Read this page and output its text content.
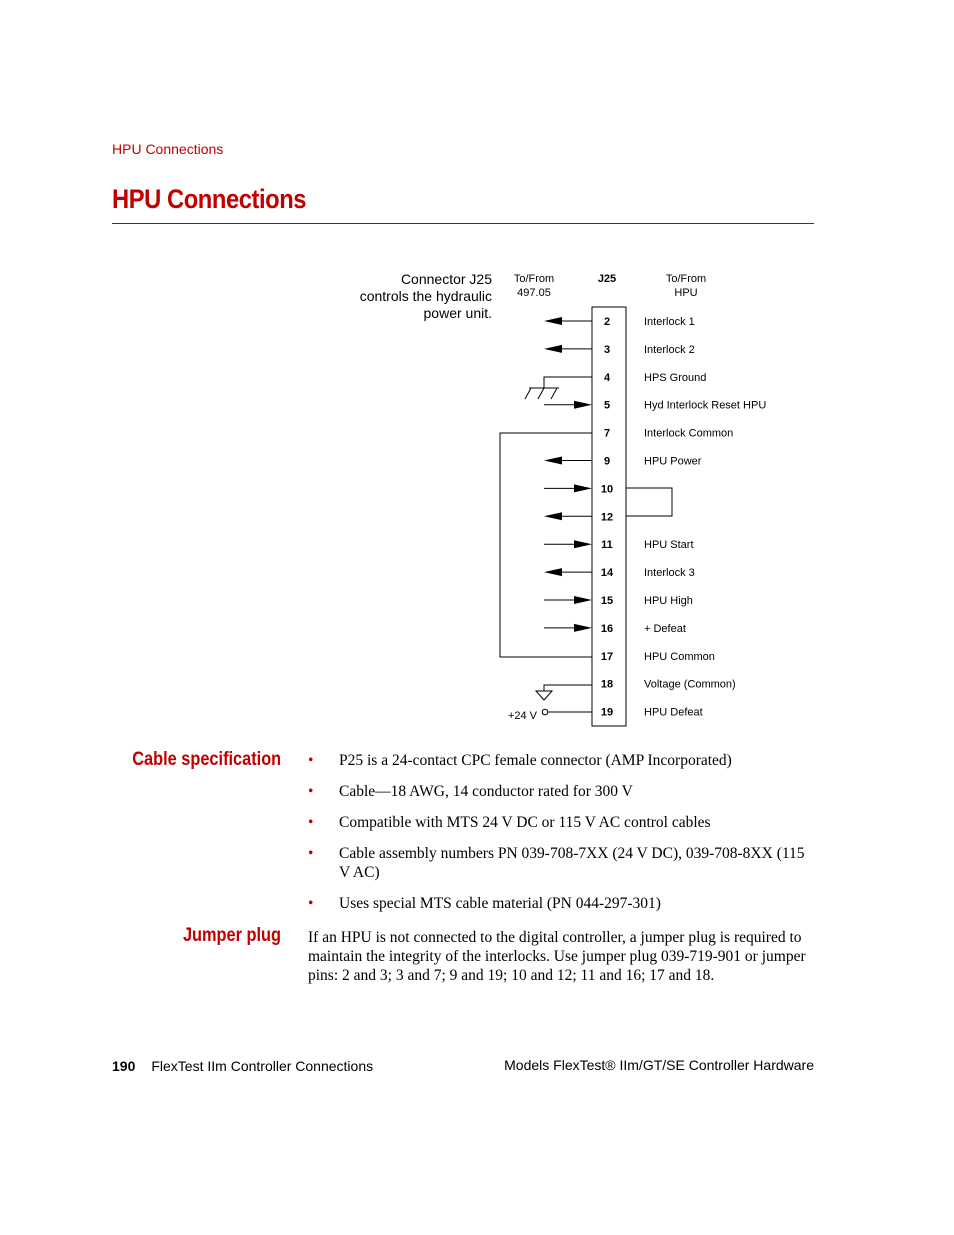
HPU Connections
HPU Connections
Connector J25
controls the hydraulic
power unit.
To/From
497.05
J25	To/From
HPU
2	Interlock 1
3	Interlock 2
4	HPS Ground
5	Hyd Interlock Reset HPU
7	Interlock Common
9	HPU Power
10
12
11	HPU Start
14	Interlock 3
15	HPU High
16	+ Defeat
17	HPU Common
18	Voltage (Common)
19	HPU Defeat
+24 V
Cable specification • P25 is a 24-contact CPC female connector (AMP Incorporated)
• Cable—18 AWG, 14 conductor rated for 300 V
• Compatible with MTS 24 V DC or 115 V AC control cables
• Cable assembly numbers PN 039-708-7XX (24 V DC), 039-708-8XX (115 V AC)
• Uses special MTS cable material (PN 044-297-301)
Jumper plug If an HPU is not connected to the digital controller, a jumper plug is required to maintain the integrity of the interlocks. Use jumper plug 039-719-901 or jumper pins: 2 and 3; 3 and 7; 9 and 19; 10 and 12; 11 and 16; 17 and 18.
190 FlexTest IIm Controller Connections	Models FlexTest® IIm/GT/SE Controller Hardware
